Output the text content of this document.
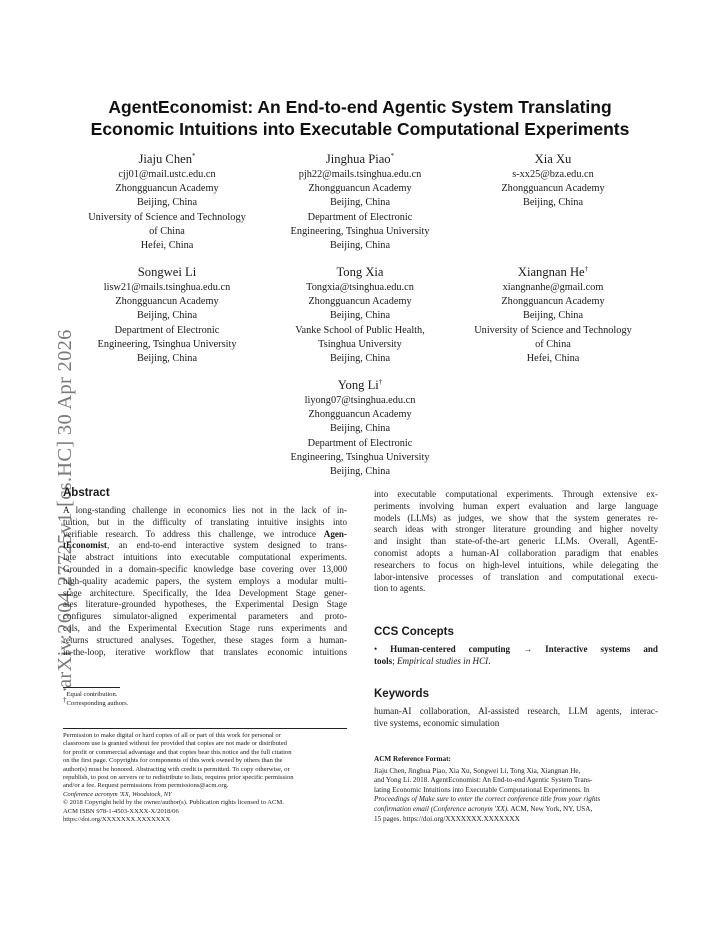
arXiv:2604.27725v1 [cs.HC] 30 Apr 2026
AgentEconomist: An End-to-end Agentic System Translating
Economic Intuitions into Executable Computational Experiments
Jiaju Chen*
cjj01@mail.ustc.edu.cn
Zhongguancun Academy
Beijing, China
University of Science and Technology
of China
Hefei, China
Jinghua Piao*
pjh22@mails.tsinghua.edu.cn
Zhongguancun Academy
Beijing, China
Department of Electronic
Engineering, Tsinghua University
Beijing, China
Xia Xu
s-xx25@bza.edu.cn
Zhongguancun Academy
Beijing, China
Songwei Li
lisw21@mails.tsinghua.edu.cn
Zhongguancun Academy
Beijing, China
Department of Electronic
Engineering, Tsinghua University
Beijing, China
Tong Xia
Tongxia@tsinghua.edu.cn
Zhongguancun Academy
Beijing, China
Vanke School of Public Health,
Tsinghua University
Beijing, China
Xiangnan He†
xiangnanhe@gmail.com
Zhongguancun Academy
Beijing, China
University of Science and Technology
of China
Hefei, China
Yong Li†
liyong07@tsinghua.edu.cn
Zhongguancun Academy
Beijing, China
Department of Electronic
Engineering, Tsinghua University
Beijing, China
Abstract
A long-standing challenge in economics lies not in the lack of in-
tuition, but in the difficulty of translating intuitive insights into
verifiable research. To address this challenge, we introduce Agen-
tEconomist, an end-to-end interactive system designed to trans-
late abstract intuitions into executable computational experiments.
Grounded in a domain-specific knowledge base covering over 13,000
high-quality academic papers, the system employs a modular multi-
stage architecture. Specifically, the Idea Development Stage gener-
ates literature-grounded hypotheses, the Experimental Design Stage
configures simulator-aligned experimental parameters and proto-
cols, and the Experimental Execution Stage runs experiments and
returns structured analyses. Together, these stages form a human-
in-the-loop, iterative workflow that translates economic intuitions
into executable computational experiments. Through extensive ex-
periments involving human expert evaluation and large language
models (LLMs) as judges, we show that the system generates re-
search ideas with stronger literature grounding and higher novelty
and insight than state-of-the-art generic LLMs. Overall, AgentE-
conomist adopts a human-AI collaboration paradigm that enables
researchers to focus on high-level intuitions, while delegating the
labor-intensive processes of translation and computational execu-
tion to agents.
*Equal contribution.
†Corresponding authors.
Permission to make digital or hard copies of all or part of this work for personal or
classroom use is granted without fee provided that copies are not made or distributed
for profit or commercial advantage and that copies bear this notice and the full citation
on the first page. Copyrights for components of this work owned by others than the
author(s) must be honored. Abstracting with credit is permitted. To copy otherwise, or
republish, to post on servers or to redistribute to lists, requires prior specific permission
and/or a fee. Request permissions from permissions@acm.org.
Conference acronym 'XX, Woodstock, NY
© 2018 Copyright held by the owner/author(s). Publication rights licensed to ACM.
ACM ISBN 978-1-4503-XXXX-X/2018/06
https://doi.org/XXXXXXX.XXXXXXX
CCS Concepts
• Human-centered computing → Interactive systems and
tools; Empirical studies in HCI.
Keywords
human-AI collaboration, AI-assisted research, LLM agents, interac-
tive systems, economic simulation
ACM Reference Format:
Jiaju Chen, Jinghua Piao, Xia Xu, Songwei Li, Tong Xia, Xiangnan He,
and Yong Li. 2018. AgentEconomist: An End-to-end Agentic System Trans-
lating Economic Intuitions into Executable Computational Experiments. In
Proceedings of Make sure to enter the correct conference title from your rights
confirmation email (Conference acronym 'XX). ACM, New York, NY, USA,
15 pages. https://doi.org/XXXXXXX.XXXXXXX
